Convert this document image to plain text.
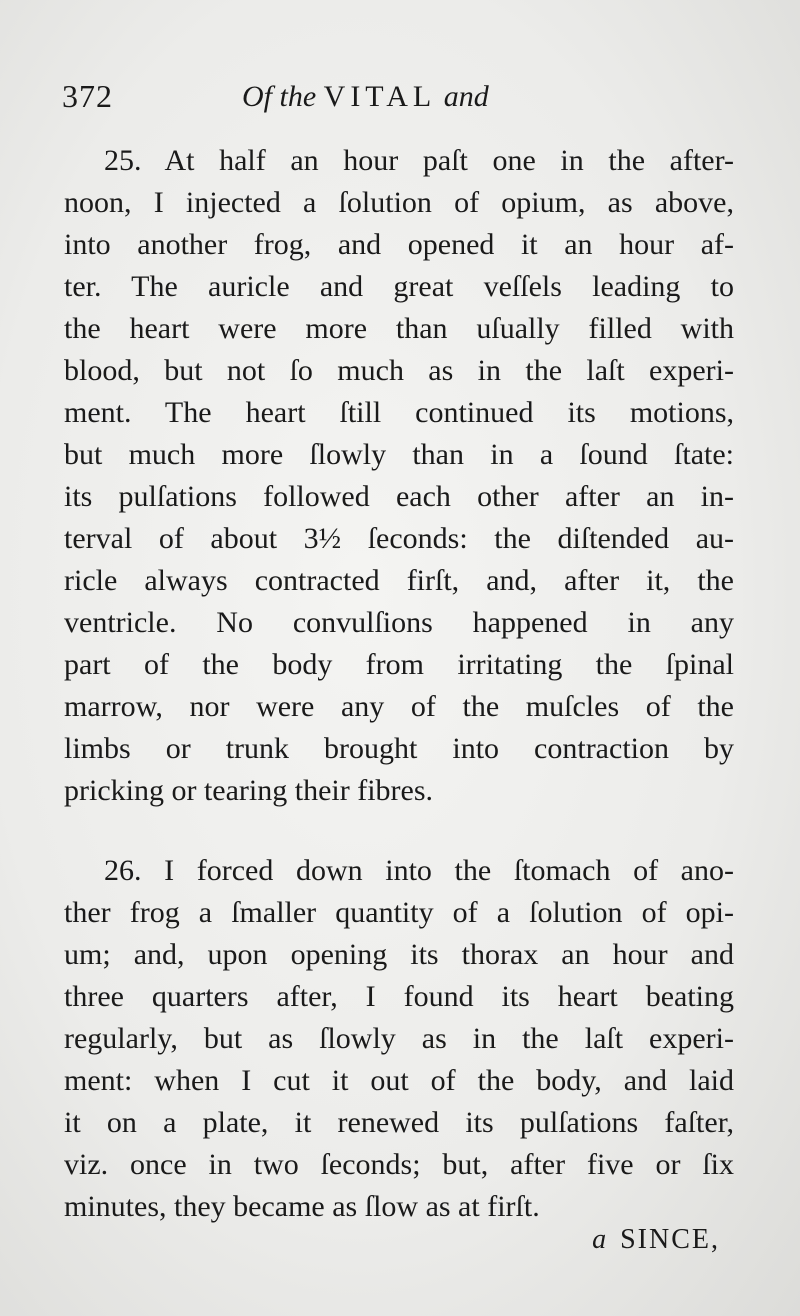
372	Of the VITAL and
25. At half an hour paſt one in the after-
noon, I injected a ſolution of opium, as above,
into another frog, and opened it an hour af-
ter. The auricle and great veſſels leading to
the heart were more than uſually filled with
blood, but not ſo much as in the laſt experi-
ment. The heart ſtill continued its motions,
but much more ſlowly than in a ſound ſtate:
its pulſations followed each other after an in-
terval of about 3½ ſeconds: the diſtended au-
ricle always contracted firſt, and, after it, the
ventricle. No convulſions happened in any
part of the body from irritating the ſpinal
marrow, nor were any of the muſcles of the
limbs or trunk brought into contraction by
pricking or tearing their fibres.
26. I forced down into the ſtomach of ano-
ther frog a ſmaller quantity of a ſolution of opi-
um; and, upon opening its thorax an hour and
three quarters after, I found its heart beating
regularly, but as ſlowly as in the laſt experi-
ment: when I cut it out of the body, and laid
it on a plate, it renewed its pulſations faſter,
viz. once in two ſeconds; but, after five or ſix
minutes, they became as ſlow as at firſt.
a SINCE,
